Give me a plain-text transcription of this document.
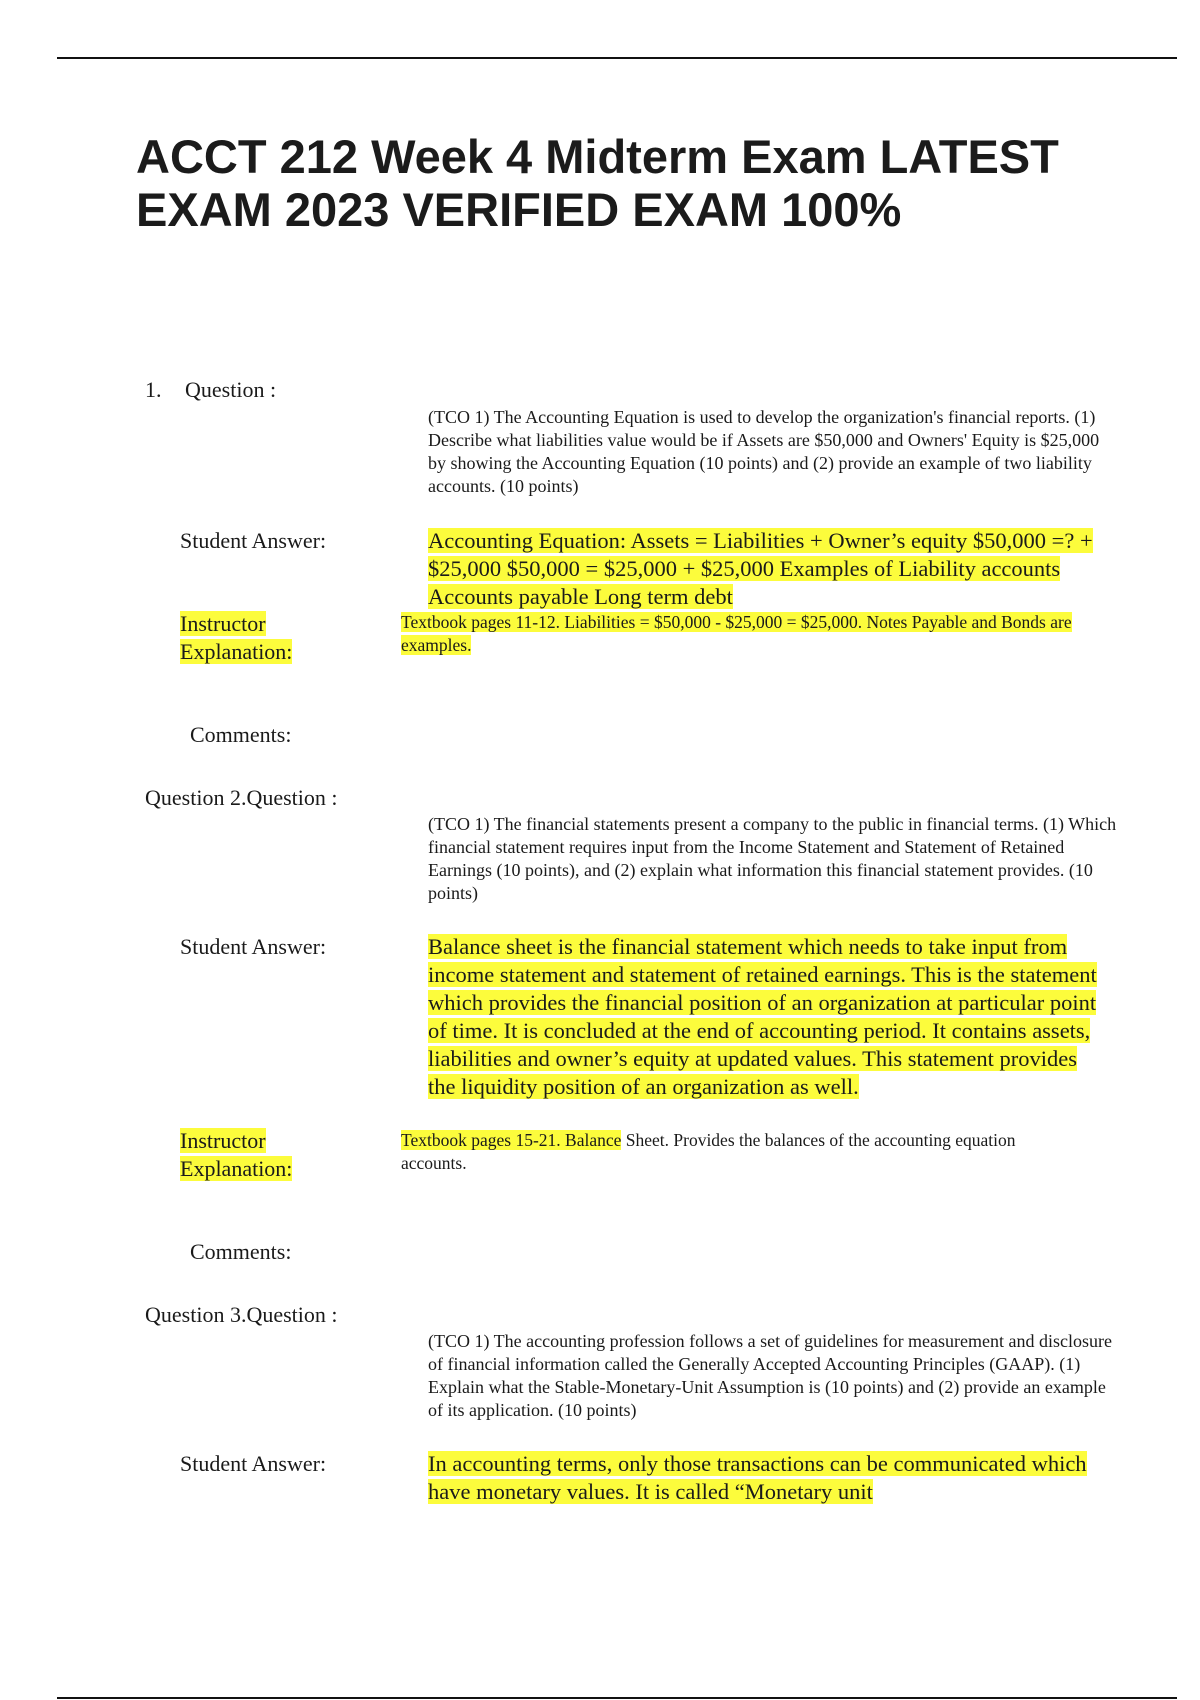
ACCT 212 Week 4 Midterm Exam LATEST EXAM 2023 VERIFIED EXAM 100%
1. Question :
(TCO 1) The Accounting Equation is used to develop the organization's financial reports. (1) Describe what liabilities value would be if Assets are $50,000 and Owners' Equity is $25,000 by showing the Accounting Equation (10 points) and (2) provide an example of two liability accounts. (10 points)
Student Answer:	Accounting Equation: Assets = Liabilities + Owner’s equity $50,000 =? + $25,000 $50,000 = $25,000 + $25,000 Examples of Liability accounts Accounts payable Long term debt
Instructor
Explanation:
Textbook pages 11-12. Liabilities = $50,000 - $25,000 = $25,000. Notes Payable and Bonds are examples.
Comments:
Question 2.Question :
(TCO 1) The financial statements present a company to the public in financial terms. (1) Which financial statement requires input from the Income Statement and Statement of Retained Earnings (10 points), and (2) explain what information this financial statement provides. (10 points)
Student Answer:	Balance sheet is the financial statement which needs to take input from income statement and statement of retained earnings. This is the statement which provides the financial position of an organization at particular point of time. It is concluded at the end of accounting period. It contains assets, liabilities and owner’s equity at updated values. This statement provides the liquidity position of an organization as well.
Instructor
Explanation:
Textbook pages 15-21. Balance Sheet. Provides the balances of the accounting equation accounts.
Comments:
Question 3.Question :
(TCO 1) The accounting profession follows a set of guidelines for measurement and disclosure of financial information called the Generally Accepted Accounting Principles (GAAP). (1) Explain what the Stable-Monetary-Unit Assumption is (10 points) and (2) provide an example of its application. (10 points)
Student Answer:	In accounting terms, only those transactions can be communicated which have monetary values. It is called “Monetary unit
